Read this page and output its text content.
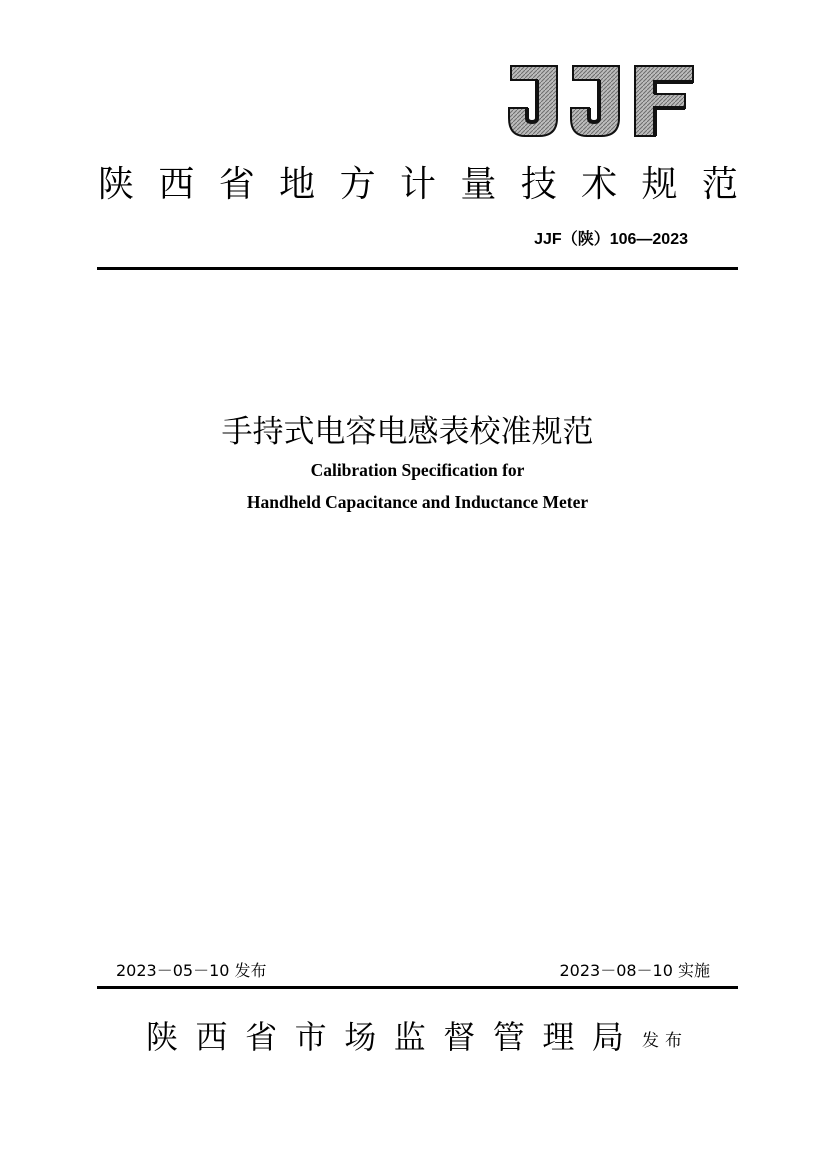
陕 西 省 地 方 计 量 技 术 规 范
JJF（陕）106—2023
手持式电容电感表校准规范
Calibration Specification for
Handheld Capacitance and Inductance Meter
2023－05－10 发布	2023－08－10 实施
陕 西 省 市 场 监 督 管 理 局 发布
